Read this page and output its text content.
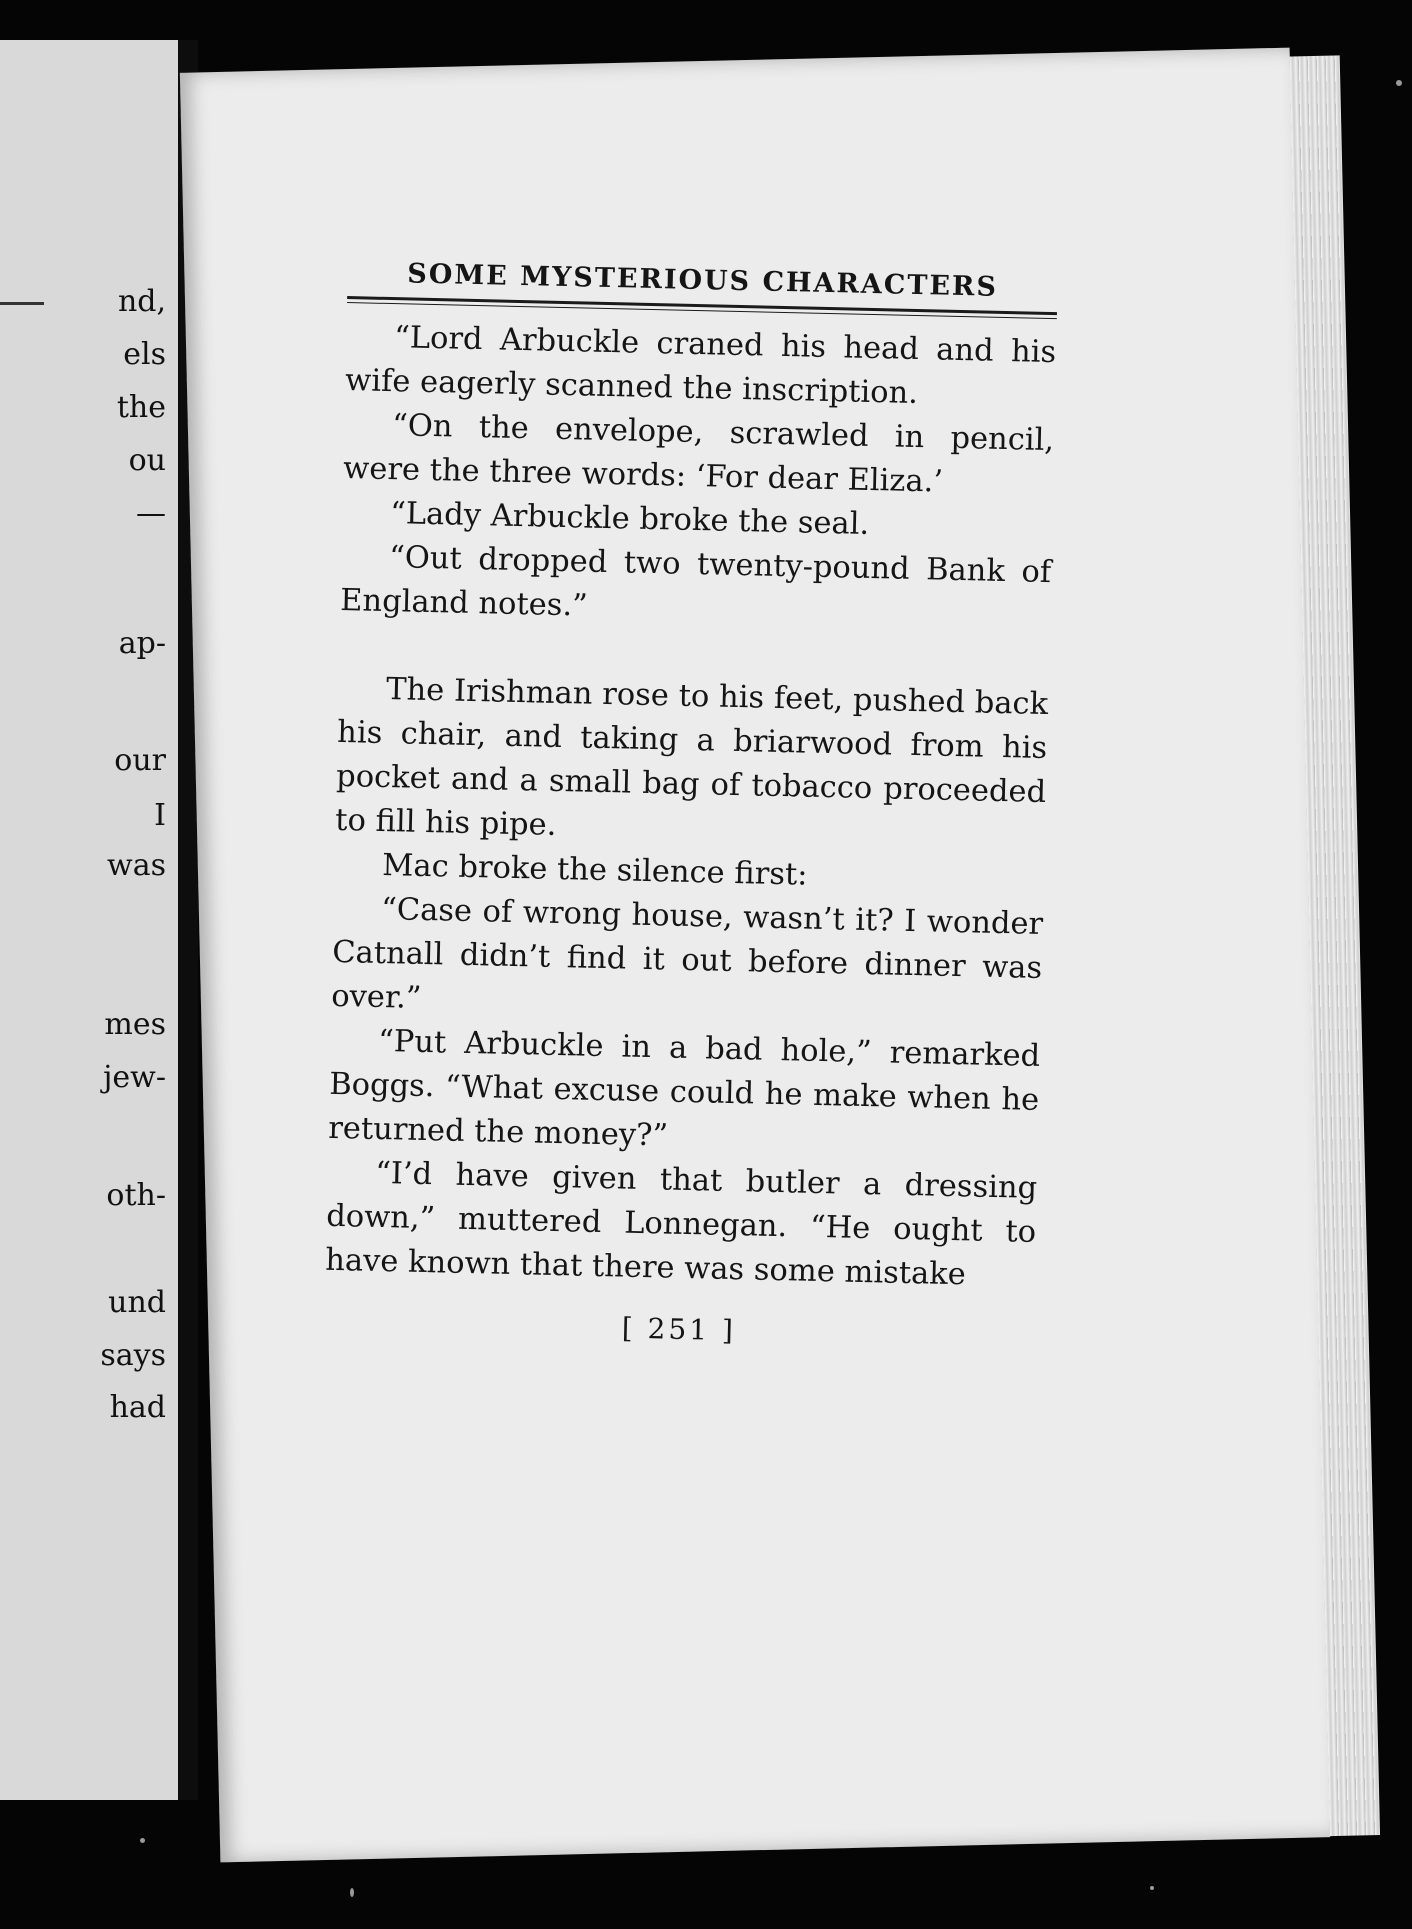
nd,
els
the
ou
—
ap-
our
I
was
mes
jew-
oth-
und
says
had
SOME MYSTERIOUS CHARACTERS

“Lord Arbuckle craned his head and his wife eagerly scanned the inscription.

“On the envelope, scrawled in pencil, were the three words: ‘For dear Eliza.’

“Lady Arbuckle broke the seal.

“Out dropped two twenty-pound Bank of England notes.”

The Irishman rose to his feet, pushed back his chair, and taking a briarwood from his pocket and a small bag of tobacco proceeded to fill his pipe.

Mac broke the silence first:

“Case of wrong house, wasn’t it? I wonder Catnall didn’t find it out before dinner was over.”

“Put Arbuckle in a bad hole,” remarked Boggs. “What excuse could he make when he returned the money?”

“I’d have given that butler a dressing down,” muttered Lonnegan. “He ought to have known that there was some mistake

[ 251 ]
